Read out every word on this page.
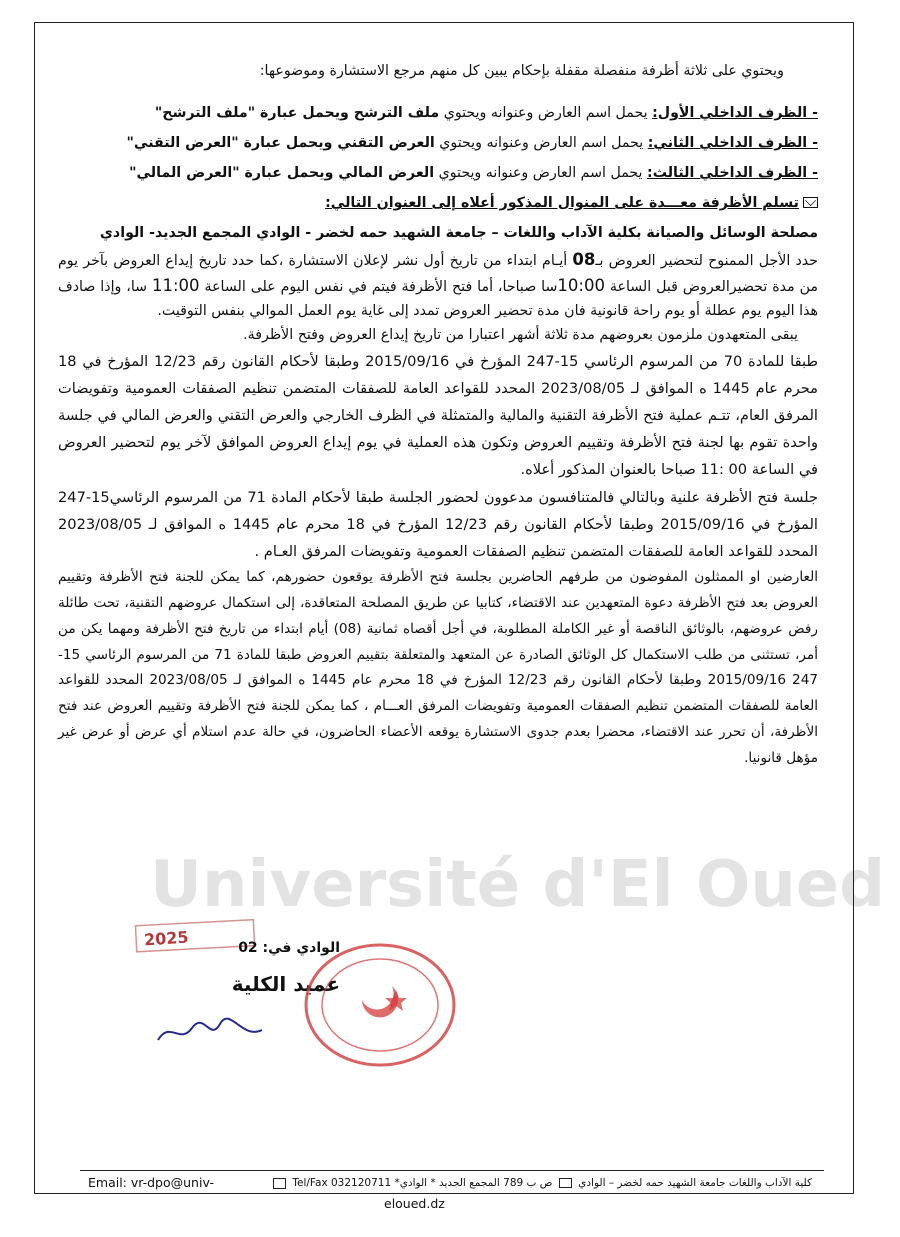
Université d'El Oued

ويحتوي على ثلاثة أظرفة منفصلة مقفلة بإحكام يبين كل منهم مرجع الاستشارة وموضوعها:

- الظرف الداخلي الأول: يحمل اسم العارض وعنوانه ويحتوي ملف الترشح ويحمل عبارة "ملف الترشح"

- الظرف الداخلي الثاني: يحمل اسم العارض وعنوانه ويحتوي العرض التقني ويحمل عبارة "العرض التقني"

- الظرف الداخلي الثالث: يحمل اسم العارض وعنوانه ويحتوي العرض المالي ويحمل عبارة "العرض المالي"

تسلم الأظرفة معـــدة على المنوال المذكور أعلاه إلى العنوان التالي:

مصلحة الوسائل والصيانة بكلية الآداب واللغات – جامعة الشهيد حمه لخضر - الوادي المجمع الجديد- الوادي

حدد الأجل الممنوح لتحضير العروض بـ08 أيـام ابتداء من تاريخ أول نشر لإعلان الاستشارة ،كما حدد تاريخ إيداع العروض بآخر يوم من مدة تحضيرالعروض قبل الساعة 10:00سا صباحا، أما فتح الأظرفة فيتم في نفس اليوم على الساعة 11:00 سا، وإذا صادف هذا اليوم يوم عطلة أو يوم راحة قانونية فان مدة تحضير العروض تمدد إلى غاية يوم العمل الموالي بنفس التوقيت.

يبقى المتعهدون ملزمون بعروضهم مدة ثلاثة أشهر اعتبارا من تاريخ إيداع العروض وفتح الأظرفة.

طبقا للمادة 70 من المرسوم الرئاسي 15-247 المؤرخ في 2015/09/16 وطبقا لأحكام القانون رقم 12/23 المؤرخ في 18 محرم عام 1445 ه الموافق لـ 2023/08/05 المحدد للقواعد العامة للصفقات المتضمن تنظيم الصفقات العمومية وتفويضات المرفق العام، تتـم عملية فتح الأظرفة التقنية والمالية والمتمثلة في الظرف الخارجي والعرض التقني والعرض المالي في جلسة واحدة تقوم بها لجنة فتح الأظرفة وتقييم العروض وتكون هذه العملية في يوم إيداع العروض الموافق لآخر يوم لتحضير العروض في الساعة 00 :11 صباحا بالعنوان المذكور أعلاه.

جلسة فتح الأظرفة علنية وبالتالي فالمتنافسون مدعوون لحضور الجلسة طبقا لأحكام المادة 71 من المرسوم الرئاسي15-247 المؤرخ في 2015/09/16 وطبقا لأحكام القانون رقم 12/23 المؤرخ في 18 محرم عام 1445 ه الموافق لـ 2023/08/05 المحدد للقواعد العامة للصفقات المتضمن تنظيم الصفقات العمومية وتفويضات المرفق العـام .

العارضين او الممثلون المفوضون من طرفهم الحاضرين بجلسة فتح الأظرفة يوقعون حضورهم، كما يمكن للجنة فتح الأظرفة وتقييم العروض بعد فتح الأظرفة دعوة المتعهدين عند الاقتضاء، كتابيا عن طريق المصلحة المتعاقدة، إلى استكمال عروضهم التقنية، تحت طائلة رفض عروضهم، بالوثائق الناقصة أو غير الكاملة المطلوبة، في أجل أقصاه ثمانية (08) أيام ابتداء من تاريخ فتح الأظرفة ومهما يكن من أمر، تستثنى من طلب الاستكمال كل الوثائق الصادرة عن المتعهد والمتعلقة بتقييم العروض طبقا للمادة 71 من المرسوم الرئاسي 15-247 2015/09/16 وطبقا لأحكام القانون رقم 12/23 المؤرخ في 18 محرم عام 1445 ه الموافق لـ 2023/08/05 المحدد للقواعد العامة للصفقات المتضمن تنظيم الصفقات العمومية وتفويضات المرفق العـــام ، كما يمكن للجنة فتح الأظرفة وتقييم العروض عند فتح الأظرفة، أن تحرر عند الاقتضاء، محضرا بعدم جدوى الاستشارة يوقعه الأعضاء الحاضرون، في حالة عدم استلام أي عرض أو عرض غير مؤهل قانونيا.

2025	الوادي في: 02
عميد الكلية
كلية الآداب واللغات جامعة الشهيد حمه لخضر – الوادي  ص ب 789 المجمع الجديد * الوادي* Tel/Fax 032120711
Email: vr-dpo@univ-
eloued.dz
